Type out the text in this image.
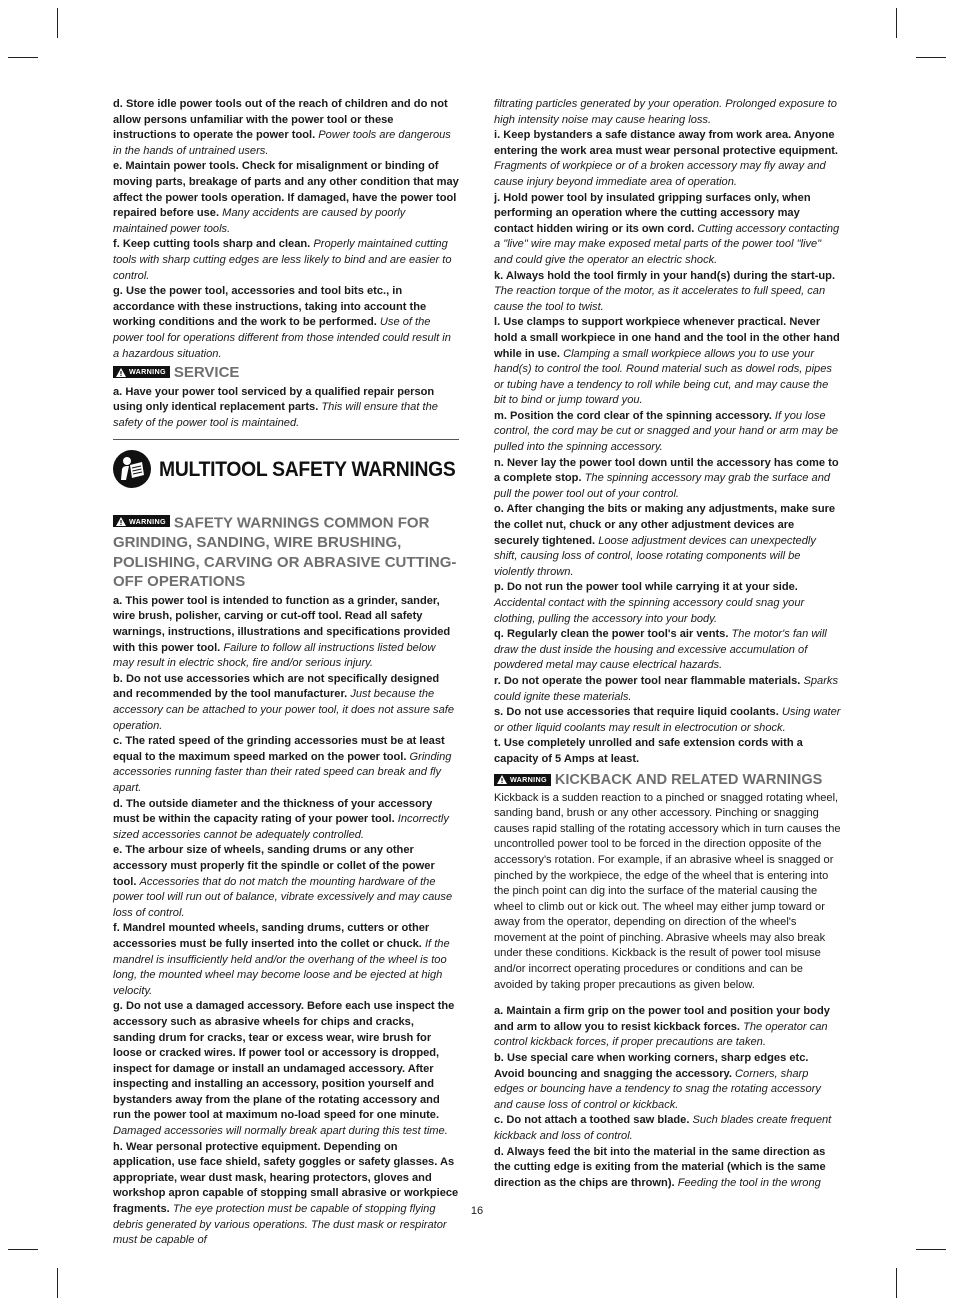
d. Store idle power tools out of the reach of children and do not allow persons unfamiliar with the power tool or these instructions to operate the power tool. Power tools are dangerous in the hands of untrained users.

e. Maintain power tools. Check for misalignment or binding of moving parts, breakage of parts and any other condition that may affect the power tools operation. If damaged, have the power tool repaired before use. Many accidents are caused by poorly maintained power tools.

f. Keep cutting tools sharp and clean. Properly maintained cutting tools with sharp cutting edges are less likely to bind and are easier to control.

g. Use the power tool, accessories and tool bits etc., in accordance with these instructions, taking into account the working conditions and the work to be performed. Use of the power tool for operations different from those intended could result in a hazardous situation.

WARNING SERVICE

a. Have your power tool serviced by a qualified repair person using only identical replacement parts. This will ensure that the safety of the power tool is maintained.

MULTITOOL SAFETY WARNINGS
WARNING SAFETY WARNINGS COMMON FOR GRINDING, SANDING, WIRE BRUSHING, POLISHING, CARVING OR ABRASIVE CUTTING-OFF OPERATIONS

a. This power tool is intended to function as a grinder, sander, wire brush, polisher, carving or cut-off tool. Read all safety warnings, instructions, illustrations and specifications provided with this power tool. Failure to follow all instructions listed below may result in electric shock, fire and/or serious injury.

b. Do not use accessories which are not specifically designed and recommended by the tool manufacturer. Just because the accessory can be attached to your power tool, it does not assure safe operation.

c. The rated speed of the grinding accessories must be at least equal to the maximum speed marked on the power tool. Grinding accessories running faster than their rated speed can break and fly apart.

d. The outside diameter and the thickness of your accessory must be within the capacity rating of your power tool. Incorrectly sized accessories cannot be adequately controlled.

e. The arbour size of wheels, sanding drums or any other accessory must properly fit the spindle or collet of the power tool. Accessories that do not match the mounting hardware of the power tool will run out of balance, vibrate excessively and may cause loss of control.

f. Mandrel mounted wheels, sanding drums, cutters or other accessories must be fully inserted into the collet or chuck. If the mandrel is insufficiently held and/or the overhang of the wheel is too long, the mounted wheel may become loose and be ejected at high velocity.

g. Do not use a damaged accessory. Before each use inspect the accessory such as abrasive wheels for chips and cracks, sanding drum for cracks, tear or excess wear, wire brush for loose or cracked wires. If power tool or accessory is dropped, inspect for damage or install an undamaged accessory. After inspecting and installing an accessory, position yourself and bystanders away from the plane of the rotating accessory and run the power tool at maximum no-load speed for one minute. Damaged accessories will normally break apart during this test time.

h. Wear personal protective equipment. Depending on application, use face shield, safety goggles or safety glasses. As appropriate, wear dust mask, hearing protectors, gloves and workshop apron capable of stopping small abrasive or workpiece fragments. The eye protection must be capable of stopping flying debris generated by various operations. The dust mask or respirator must be capable of

filtrating particles generated by your operation. Prolonged exposure to high intensity noise may cause hearing loss.

i. Keep bystanders a safe distance away from work area. Anyone entering the work area must wear personal protective equipment. Fragments of workpiece or of a broken accessory may fly away and cause injury beyond immediate area of operation.

j. Hold power tool by insulated gripping surfaces only, when performing an operation where the cutting accessory may contact hidden wiring or its own cord. Cutting accessory contacting a "live" wire may make exposed metal parts of the power tool "live" and could give the operator an electric shock.

k. Always hold the tool firmly in your hand(s) during the start-up. The reaction torque of the motor, as it accelerates to full speed, can cause the tool to twist.

l. Use clamps to support workpiece whenever practical. Never hold a small workpiece in one hand and the tool in the other hand while in use. Clamping a small workpiece allows you to use your hand(s) to control the tool. Round material such as dowel rods, pipes or tubing have a tendency to roll while being cut, and may cause the bit to bind or jump toward you.

m. Position the cord clear of the spinning accessory. If you lose control, the cord may be cut or snagged and your hand or arm may be pulled into the spinning accessory.

n. Never lay the power tool down until the accessory has come to a complete stop. The spinning accessory may grab the surface and pull the power tool out of your control.

o. After changing the bits or making any adjustments, make sure the collet nut, chuck or any other adjustment devices are securely tightened. Loose adjustment devices can unexpectedly shift, causing loss of control, loose rotating components will be violently thrown.

p. Do not run the power tool while carrying it at your side. Accidental contact with the spinning accessory could snag your clothing, pulling the accessory into your body.

q. Regularly clean the power tool's air vents. The motor's fan will draw the dust inside the housing and excessive accumulation of powdered metal may cause electrical hazards.

r. Do not operate the power tool near flammable materials. Sparks could ignite these materials.

s. Do not use accessories that require liquid coolants. Using water or other liquid coolants may result in electrocution or shock.

t. Use completely unrolled and safe extension cords with a capacity of 5 Amps at least.

WARNING KICKBACK AND RELATED WARNINGS

Kickback is a sudden reaction to a pinched or snagged rotating wheel, sanding band, brush or any other accessory. Pinching or snagging causes rapid stalling of the rotating accessory which in turn causes the uncontrolled power tool to be forced in the direction opposite of the accessory's rotation. For example, if an abrasive wheel is snagged or pinched by the workpiece, the edge of the wheel that is entering into the pinch point can dig into the surface of the material causing the wheel to climb out or kick out. The wheel may either jump toward or away from the operator, depending on direction of the wheel's movement at the point of pinching. Abrasive wheels may also break under these conditions. Kickback is the result of power tool misuse and/or incorrect operating procedures or conditions and can be avoided by taking proper precautions as given below.

a. Maintain a firm grip on the power tool and position your body and arm to allow you to resist kickback forces. The operator can control kickback forces, if proper precautions are taken.

b. Use special care when working corners, sharp edges etc. Avoid bouncing and snagging the accessory. Corners, sharp edges or bouncing have a tendency to snag the rotating accessory and cause loss of control or kickback.

c. Do not attach a toothed saw blade. Such blades create frequent kickback and loss of control.

d. Always feed the bit into the material in the same direction as the cutting edge is exiting from the material (which is the same direction as the chips are thrown). Feeding the tool in the wrong

16
